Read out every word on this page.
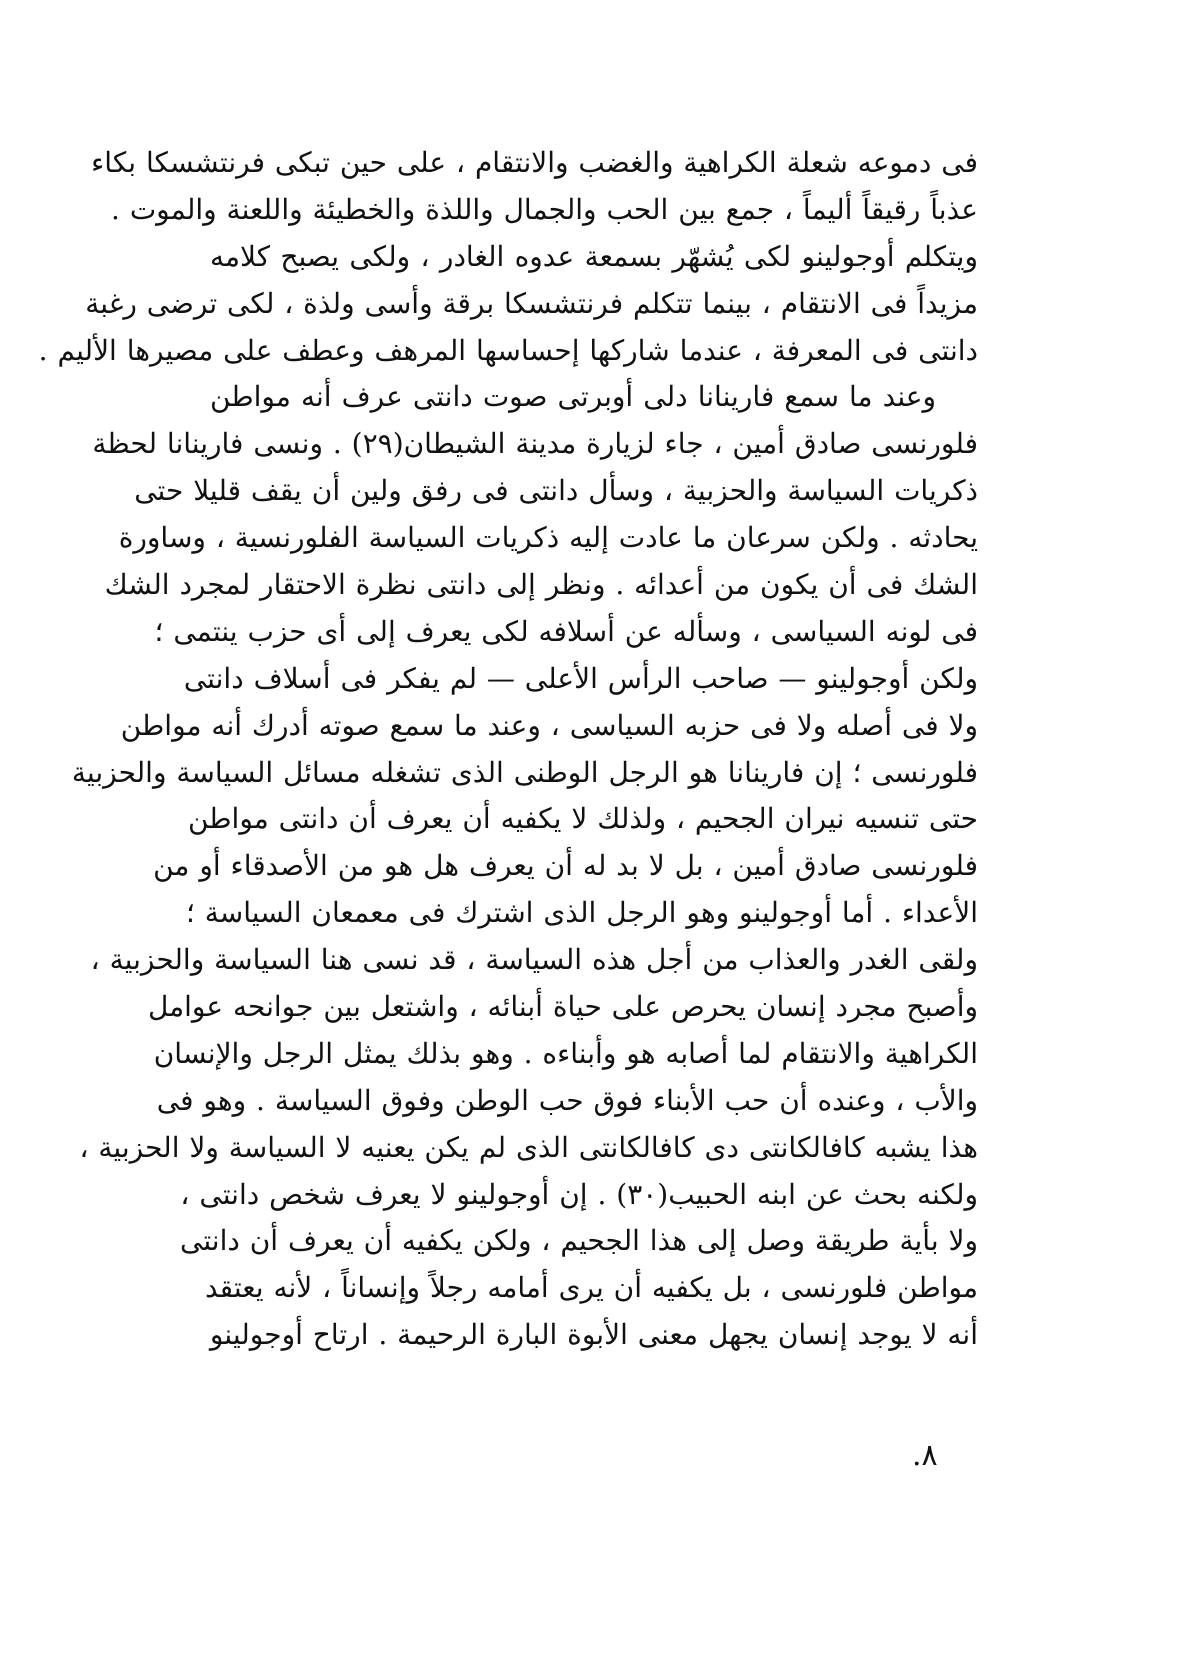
فى دموعه شعلة الكراهية والغضب والانتقام ، على حين تبكى فرنتشسكا بكاء
عذباً رقيقاً أليماً ، جمع بين الحب والجمال واللذة والخطيئة واللعنة والموت .
ويتكلم أوجولينو لكى يُشهّر بسمعة عدوه الغادر ، ولكى يصبح كلامه
مزيداً فى الانتقام ، بينما تتكلم فرنتشسكا برقة وأسى ولذة ، لكى ترضى رغبة
دانتى فى المعرفة ، عندما شاركها إحساسها المرهف وعطف على مصيرها الأليم .
وعند ما سمع فارينانا دلى أوبرتى صوت دانتى عرف أنه مواطن
فلورنسى صادق أمين ، جاء لزيارة مدينة الشيطان(٢٩) . ونسى فارينانا لحظة
ذكريات السياسة والحزبية ، وسأل دانتى فى رفق ولين أن يقف قليلا حتى
يحادثه . ولكن سرعان ما عادت إليه ذكريات السياسة الفلورنسية ، وساورة
الشك فى أن يكون من أعدائه . ونظر إلى دانتى نظرة الاحتقار لمجرد الشك
فى لونه السياسى ، وسأله عن أسلافه لكى يعرف إلى أى حزب ينتمى ؛
ولكن أوجولينو — صاحب الرأس الأعلى — لم يفكر فى أسلاف دانتى
ولا فى أصله ولا فى حزبه السياسى ، وعند ما سمع صوته أدرك أنه مواطن
فلورنسى ؛ إن فارينانا هو الرجل الوطنى الذى تشغله مسائل السياسة والحزبية
حتى تنسيه نيران الجحيم ، ولذلك لا يكفيه أن يعرف أن دانتى مواطن
فلورنسى صادق أمين ، بل لا بد له أن يعرف هل هو من الأصدقاء أو من
الأعداء . أما أوجولينو وهو الرجل الذى اشترك فى معمعان السياسة ؛
ولقى الغدر والعذاب من أجل هذه السياسة ، قد نسى هنا السياسة والحزبية ،
وأصبح مجرد إنسان يحرص على حياة أبنائه ، واشتعل بين جوانحه عوامل
الكراهية والانتقام لما أصابه هو وأبناءه . وهو بذلك يمثل الرجل والإنسان
والأب ، وعنده أن حب الأبناء فوق حب الوطن وفوق السياسة . وهو فى
هذا يشبه كافالكانتى دى كافالكانتى الذى لم يكن يعنيه لا السياسة ولا الحزبية ،
ولكنه بحث عن ابنه الحبيب(٣٠) . إن أوجولينو لا يعرف شخص دانتى ،
ولا بأية طريقة وصل إلى هذا الجحيم ، ولكن يكفيه أن يعرف أن دانتى
مواطن فلورنسى ، بل يكفيه أن يرى أمامه رجلاً وإنساناً ، لأنه يعتقد
أنه لا يوجد إنسان يجهل معنى الأبوة البارة الرحيمة . ارتاح أوجولينو
٨.
